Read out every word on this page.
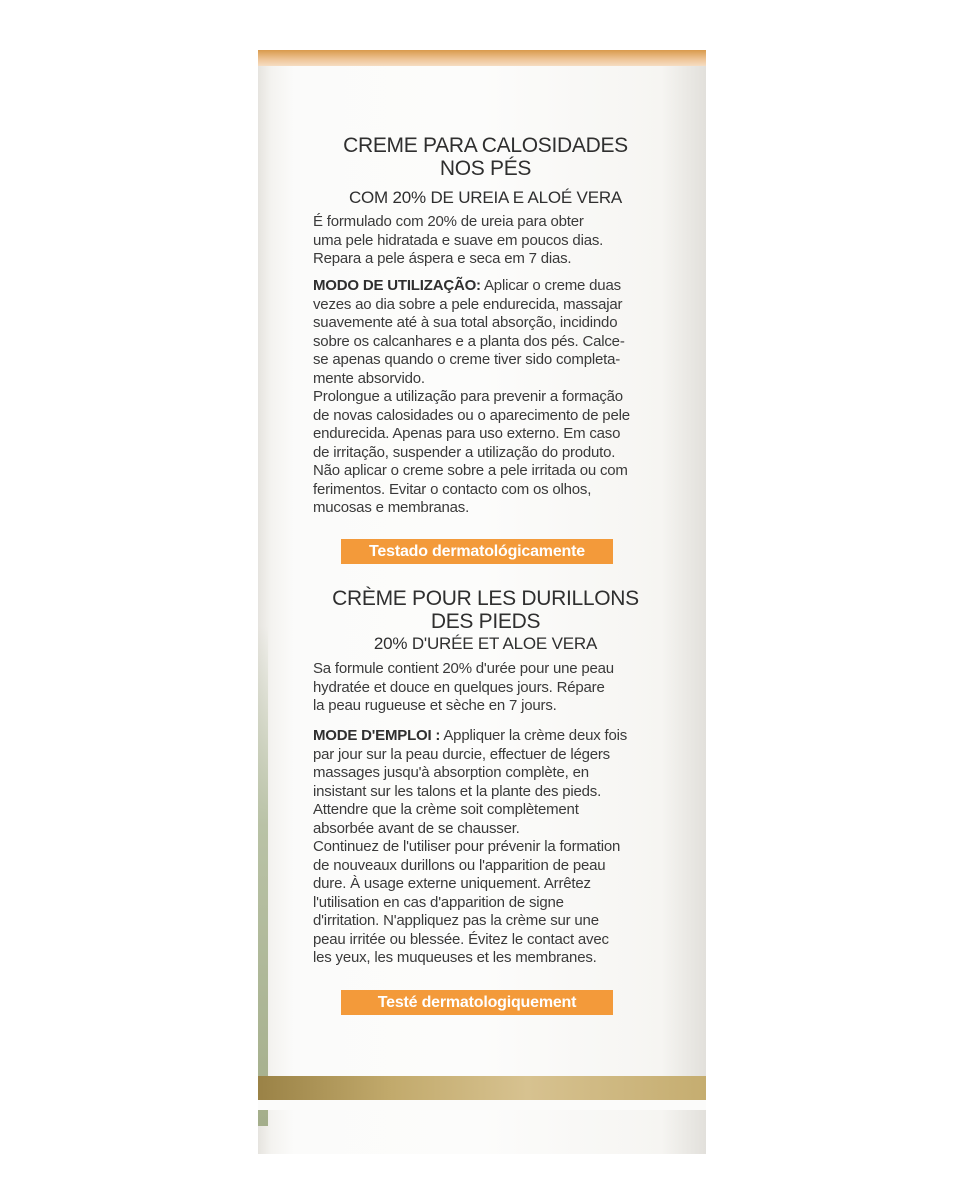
CREME PARA CALOSIDADES
NOS PÉS
COM 20% DE UREIA E ALOÉ VERA
É formulado com 20% de ureia para obter
uma pele hidratada e suave em poucos dias.
Repara a pele áspera e seca em 7 dias.
MODO DE UTILIZAÇÃO: Aplicar o creme duas
vezes ao dia sobre a pele endurecida, massajar
suavemente até à sua total absorção, incidindo
sobre os calcanhares e a planta dos pés. Calce-
se apenas quando o creme tiver sido completa-
mente absorvido.
Prolongue a utilização para prevenir a formação
de novas calosidades ou o aparecimento de pele
endurecida. Apenas para uso externo. Em caso
de irritação, suspender a utilização do produto.
Não aplicar o creme sobre a pele irritada ou com
ferimentos. Evitar o contacto com os olhos,
mucosas e membranas.
Testado dermatológicamente
CRÈME POUR LES DURILLONS
DES PIEDS
20% D'URÉE ET ALOE VERA
Sa formule contient 20% d'urée pour une peau
hydratée et douce en quelques jours. Répare
la peau rugueuse et sèche en 7 jours.
MODE D'EMPLOI : Appliquer la crème deux fois
par jour sur la peau durcie, effectuer de légers
massages jusqu'à absorption complète, en
insistant sur les talons et la plante des pieds.
Attendre que la crème soit complètement
absorbée avant de se chausser.
Continuez de l'utiliser pour prévenir la formation
de nouveaux durillons ou l'apparition de peau
dure. À usage externe uniquement. Arrêtez
l'utilisation en cas d'apparition de signe
d'irritation. N'appliquez pas la crème sur une
peau irritée ou blessée. Évitez le contact avec
les yeux, les muqueuses et les membranes.
Testé dermatologiquement
